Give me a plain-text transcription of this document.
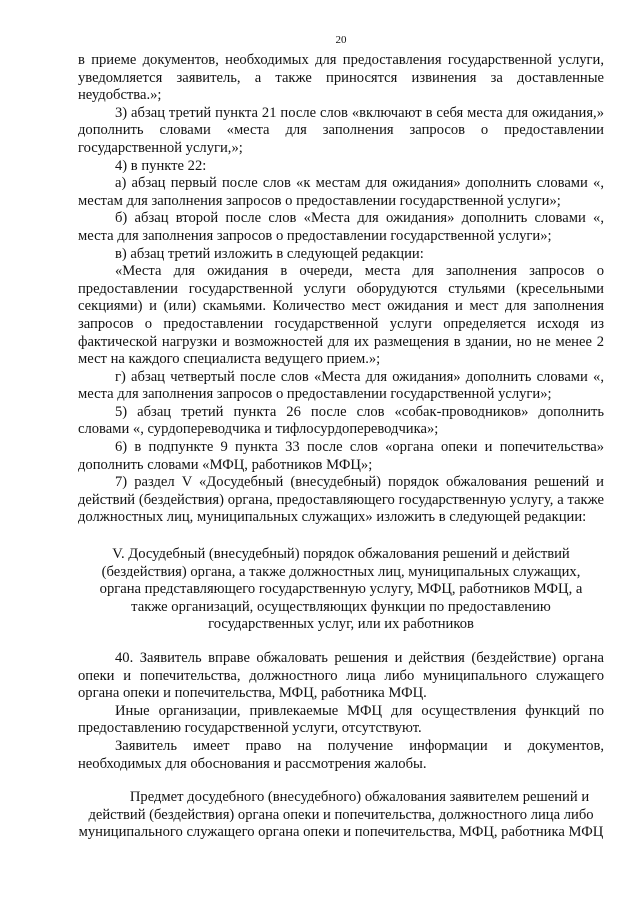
20

в приеме документов, необходимых для предоставления государственной услуги, уведомляется заявитель, а также приносятся извинения за доставленные неудобства.»;

3) абзац третий пункта 21 после слов «включают в себя места для ожидания,» дополнить словами «места для заполнения запросов о предоставлении государственной услуги,»;

4) в пункте 22:

а) абзац первый после слов «к местам для ожидания» дополнить словами «, местам для заполнения запросов о предоставлении государственной услуги»;

б) абзац второй после слов «Места для ожидания» дополнить словами «, места для заполнения запросов о предоставлении государственной услуги»;

в) абзац третий изложить в следующей редакции:

«Места для ожидания в очереди, места для заполнения запросов о предоставлении государственной услуги оборудуются стульями (кресельными секциями) и (или) скамьями. Количество мест ожидания и мест для заполнения запросов о предоставлении государственной услуги определяется исходя из фактической нагрузки и возможностей для их размещения в здании, но не менее 2 мест на каждого специалиста ведущего прием.»;

г) абзац четвертый после слов «Места для ожидания» дополнить словами «, места для заполнения запросов о предоставлении государственной услуги»;

5) абзац третий пункта 26 после слов «собак-проводников» дополнить словами «, сурдопереводчика и тифлосурдопереводчика»;

6) в подпункте 9 пункта 33 после слов «органа опеки и попечительства» дополнить словами «МФЦ, работников МФЦ»;

7) раздел V «Досудебный (внесудебный) порядок обжалования решений и действий (бездействия) органа, предоставляющего государственную услугу, а также должностных лиц, муниципальных служащих» изложить в следующей редакции:

V. Досудебный (внесудебный) порядок обжалования решений и действий (бездействия) органа, а также должностных лиц, муниципальных служащих, органа представляющего государственную услугу, МФЦ, работников МФЦ, а также организаций, осуществляющих функции по предоставлению государственных услуг, или их работников

40. Заявитель вправе обжаловать решения и действия (бездействие) органа опеки и попечительства, должностного лица либо муниципального служащего органа опеки и попечительства, МФЦ, работника МФЦ.

Иные организации, привлекаемые МФЦ для осуществления функций по предоставлению государственной услуги, отсутствуют.

Заявитель имеет право на получение информации и документов, необходимых для обоснования и рассмотрения жалобы.

Предмет досудебного (внесудебного) обжалования заявителем решений и действий (бездействия) органа опеки и попечительства, должностного лица либо муниципального служащего органа опеки и попечительства, МФЦ, работника МФЦ
